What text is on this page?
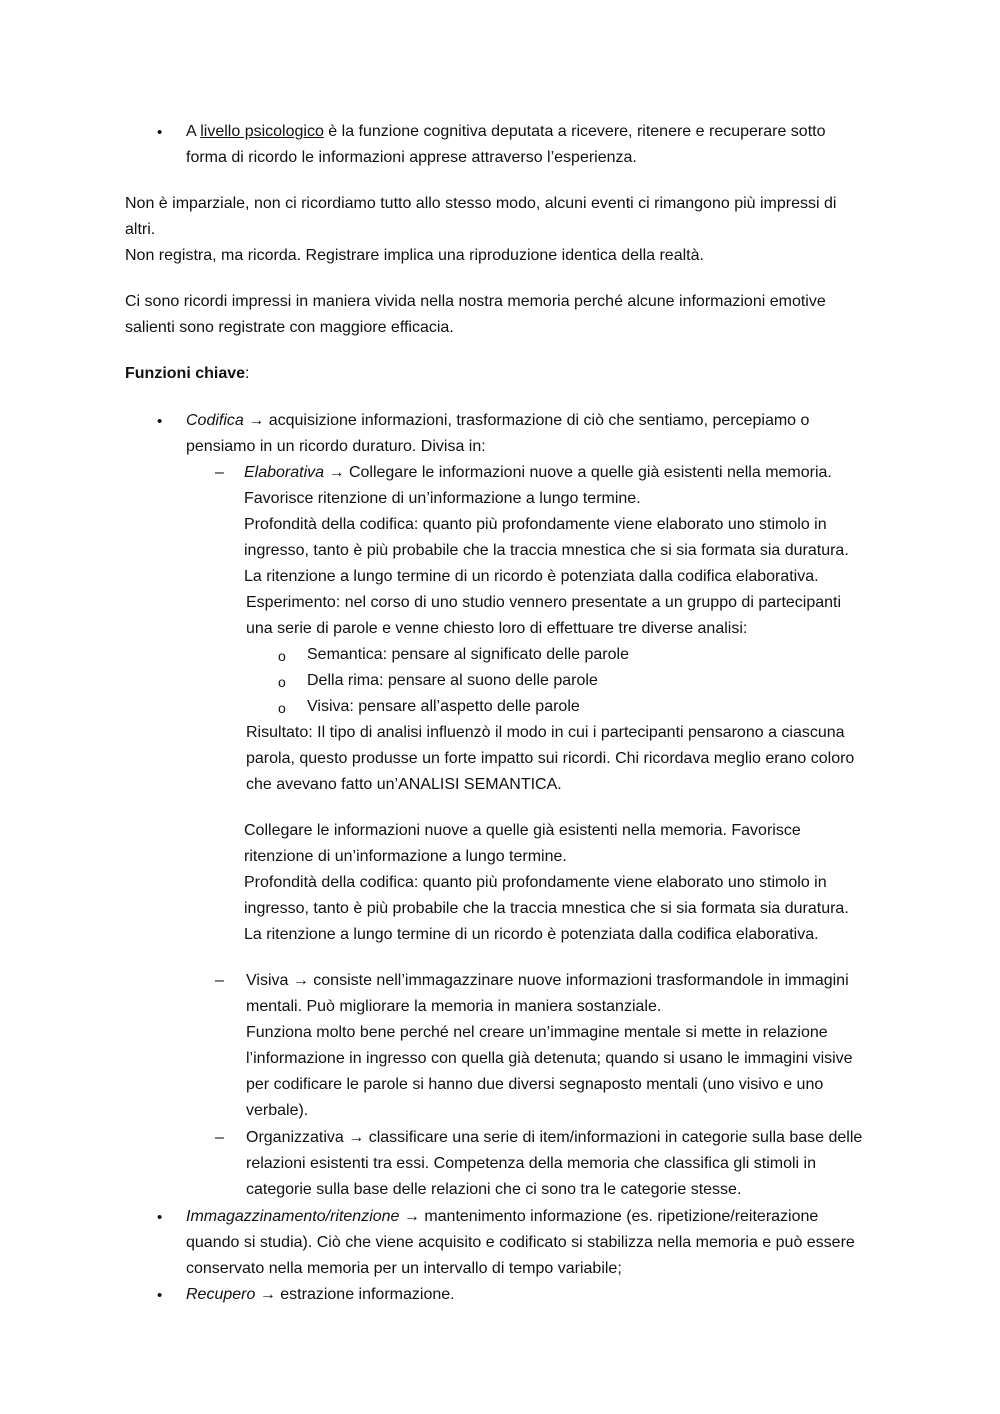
• A livello psicologico è la funzione cognitiva deputata a ricevere, ritenere e recuperare sotto
forma di ricordo le informazioni apprese attraverso l’esperienza.
Non è imparziale, non ci ricordiamo tutto allo stesso modo, alcuni eventi ci rimangono più impressi di
altri.
Non registra, ma ricorda. Registrare implica una riproduzione identica della realtà.
Ci sono ricordi impressi in maniera vivida nella nostra memoria perché alcune informazioni emotive
salienti sono registrate con maggiore efficacia.
Funzioni chiave:
• Codifica → acquisizione informazioni, trasformazione di ciò che sentiamo, percepiamo o
pensiamo in un ricordo duraturo. Divisa in:
– Elaborativa → Collegare le informazioni nuove a quelle già esistenti nella memoria.
Favorisce ritenzione di un’informazione a lungo termine.
Profondità della codifica: quanto più profondamente viene elaborato uno stimolo in
ingresso, tanto è più probabile che la traccia mnestica che si sia formata sia duratura.
La ritenzione a lungo termine di un ricordo è potenziata dalla codifica elaborativa.
Esperimento: nel corso di uno studio vennero presentate a un gruppo di partecipanti
una serie di parole e venne chiesto loro di effettuare tre diverse analisi:
o Semantica: pensare al significato delle parole
o Della rima: pensare al suono delle parole
o Visiva: pensare all’aspetto delle parole
Risultato: Il tipo di analisi influenzò il modo in cui i partecipanti pensarono a ciascuna
parola, questo produsse un forte impatto sui ricordi. Chi ricordava meglio erano coloro
che avevano fatto un’ANALISI SEMANTICA.
Collegare le informazioni nuove a quelle già esistenti nella memoria. Favorisce
ritenzione di un’informazione a lungo termine.
Profondità della codifica: quanto più profondamente viene elaborato uno stimolo in
ingresso, tanto è più probabile che la traccia mnestica che si sia formata sia duratura.
La ritenzione a lungo termine di un ricordo è potenziata dalla codifica elaborativa.
– Visiva → consiste nell’immagazzinare nuove informazioni trasformandole in immagini
mentali. Può migliorare la memoria in maniera sostanziale.
Funziona molto bene perché nel creare un’immagine mentale si mette in relazione
l’informazione in ingresso con quella già detenuta; quando si usano le immagini visive
per codificare le parole si hanno due diversi segnaposto mentali (uno visivo e uno
verbale).
– Organizzativa → classificare una serie di item/informazioni in categorie sulla base delle
relazioni esistenti tra essi. Competenza della memoria che classifica gli stimoli in
categorie sulla base delle relazioni che ci sono tra le categorie stesse.
• Immagazzinamento/ritenzione → mantenimento informazione (es. ripetizione/reiterazione
quando si studia). Ciò che viene acquisito e codificato si stabilizza nella memoria e può essere
conservato nella memoria per un intervallo di tempo variabile;
• Recupero → estrazione informazione.
